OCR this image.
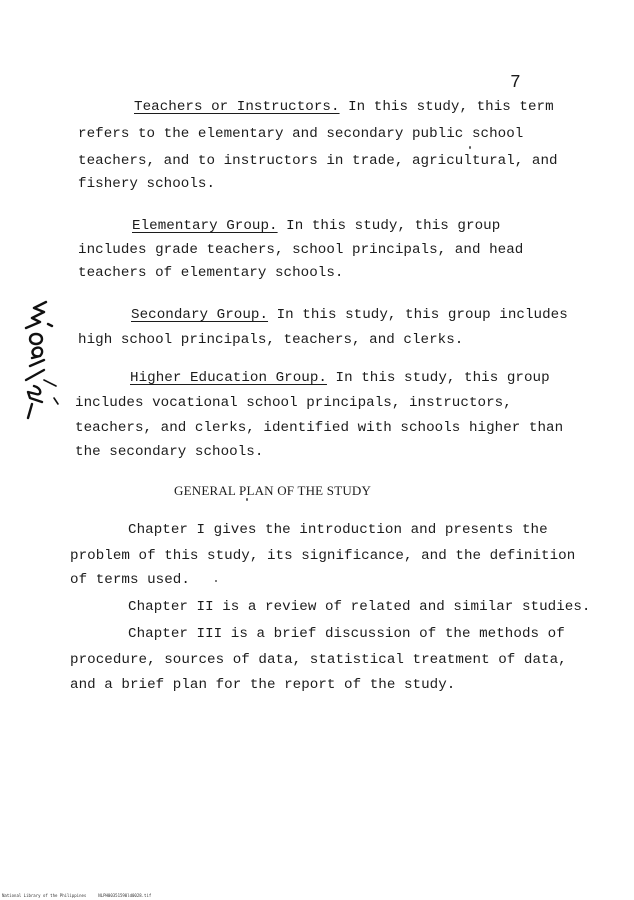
7
Teachers or Instructors. In this study, this term
refers to the elementary and secondary public school
teachers, and to instructors in trade, agricultural, and
fishery schools.
Elementary Group. In this study, this group
includes grade teachers, school principals, and head
teachers of elementary schools.
Secondary Group. In this study, this group includes
high school principals, teachers, and clerks.
Higher Education Group. In this study, this group
includes vocational school principals, instructors,
teachers, and clerks, identified with schools higher than
the secondary schools.
GENERAL PLAN OF THE STUDY
Chapter I gives the introduction and presents the
problem of this study, its significance, and the definition
of terms used.
Chapter II is a review of related and similar studies.
Chapter III is a brief discussion of the methods of
procedure, sources of data, statistical treatment of data,
and a brief plan for the report of the study.
National Library of the Philippines	NLPH00351590ld0028.tif
